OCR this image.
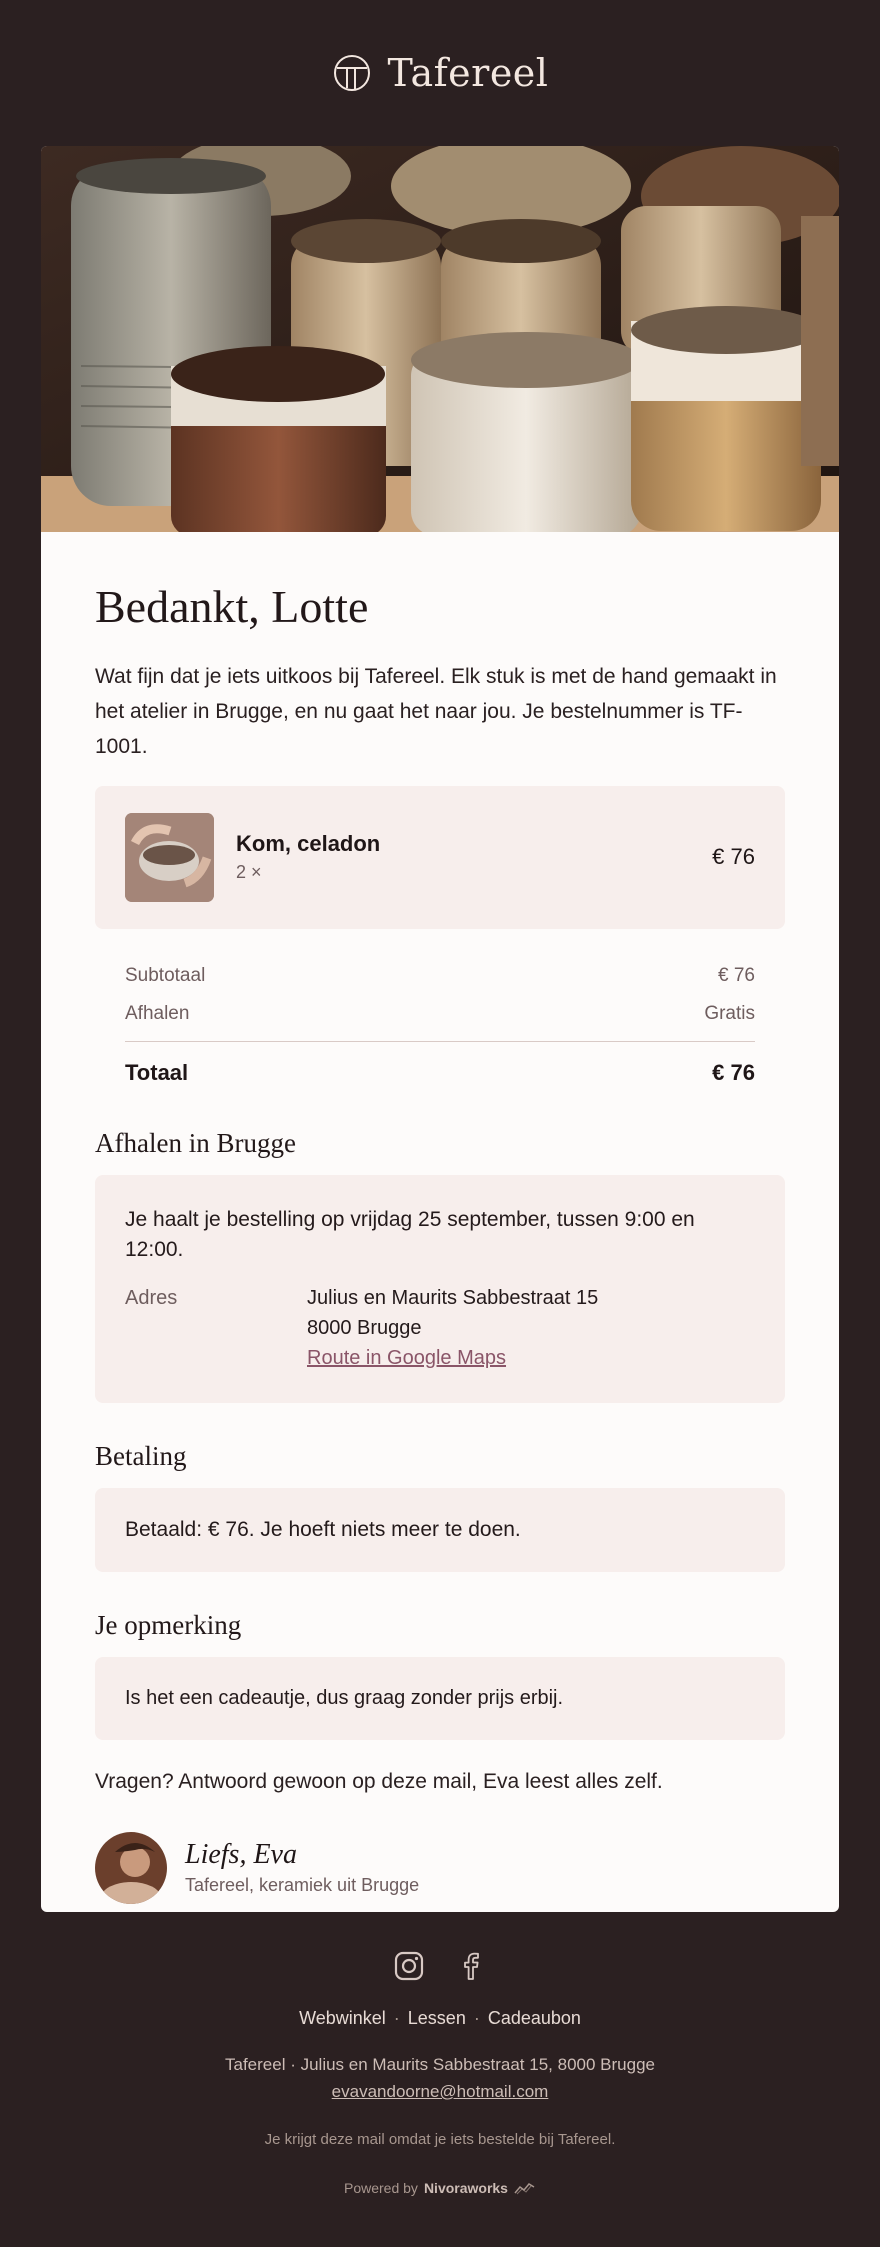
Tafereel
Bedankt, Lotte

Wat fijn dat je iets uitkoos bij Tafereel. Elk stuk is met de hand gemaakt in het atelier in Brugge, en nu gaat het naar jou. Je bestelnummer is TF-1001.

Kom, celadon
2 ×
€ 76
Subtotaal	€ 76
Afhalen	Gratis
Totaal	€ 76
Afhalen in Brugge
Je haalt je bestelling op vrijdag 25 september, tussen 9:00 en 12:00.
Adres	Julius en Maurits Sabbestraat 15
8000 Brugge
Route in Google Maps
Betaling
Betaald: € 76. Je hoeft niets meer te doen.
Je opmerking
Is het een cadeautje, dus graag zonder prijs erbij.
Vragen? Antwoord gewoon op deze mail, Eva leest alles zelf.
Liefs, Eva
Tafereel, keramiek uit Brugge
Webwinkel · Lessen · Cadeaubon
Tafereel · Julius en Maurits Sabbestraat 15, 8000 Brugge
evavandoorne@hotmail.com
Je krijgt deze mail omdat je iets bestelde bij Tafereel.
Powered by Nivoraworks
